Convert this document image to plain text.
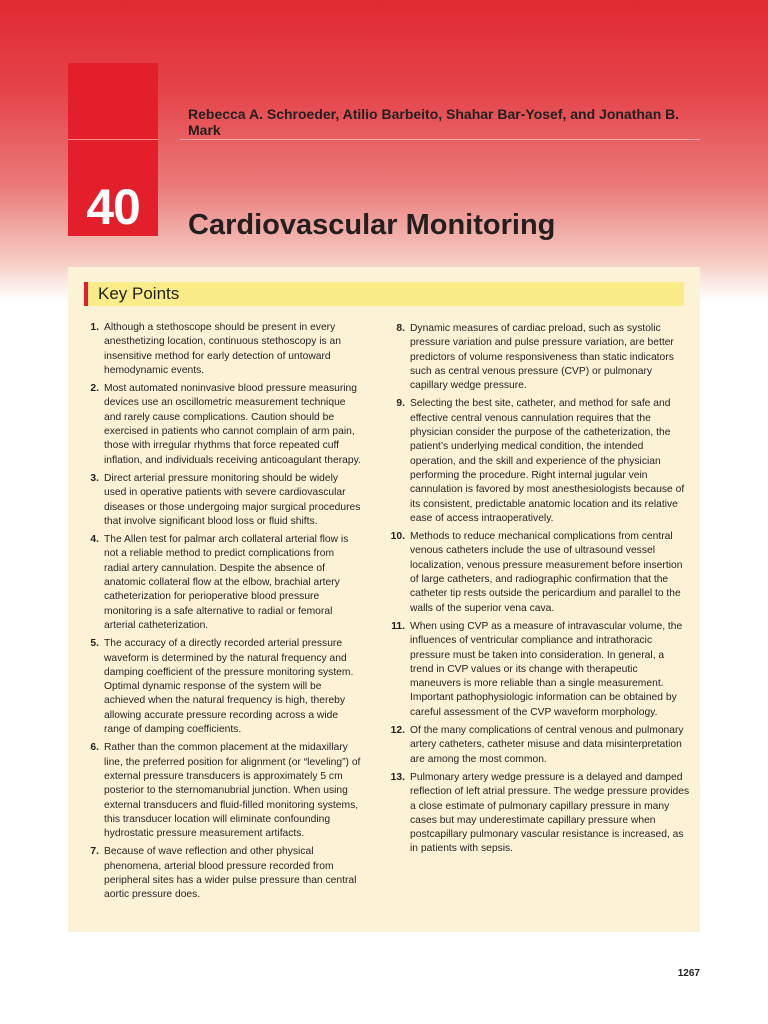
40
Rebecca A. Schroeder, Atilio Barbeito, Shahar Bar-Yosef, and Jonathan B. Mark
Cardiovascular Monitoring
Key Points
1. Although a stethoscope should be present in every anesthetizing location, continuous stethoscopy is an insensitive method for early detection of untoward hemodynamic events.
2. Most automated noninvasive blood pressure measuring devices use an oscillometric measurement technique and rarely cause complications. Caution should be exercised in patients who cannot complain of arm pain, those with irregular rhythms that force repeated cuff inflation, and individuals receiving anticoagulant therapy.
3. Direct arterial pressure monitoring should be widely used in operative patients with severe cardiovascular diseases or those undergoing major surgical procedures that involve significant blood loss or fluid shifts.
4. The Allen test for palmar arch collateral arterial flow is not a reliable method to predict complications from radial artery cannulation. Despite the absence of anatomic collateral flow at the elbow, brachial artery catheterization for perioperative blood pressure monitoring is a safe alternative to radial or femoral arterial catheterization.
5. The accuracy of a directly recorded arterial pressure waveform is determined by the natural frequency and damping coefficient of the pressure monitoring system. Optimal dynamic response of the system will be achieved when the natural frequency is high, thereby allowing accurate pressure recording across a wide range of damping coefficients.
6. Rather than the common placement at the midaxillary line, the preferred position for alignment (or “leveling”) of external pressure transducers is approximately 5 cm posterior to the sternomanubrial junction. When using external transducers and fluid-filled monitoring systems, this transducer location will eliminate confounding hydrostatic pressure measurement artifacts.
7. Because of wave reflection and other physical phenomena, arterial blood pressure recorded from peripheral sites has a wider pulse pressure than central aortic pressure does.
8. Dynamic measures of cardiac preload, such as systolic pressure variation and pulse pressure variation, are better predictors of volume responsiveness than static indicators such as central venous pressure (CVP) or pulmonary capillary wedge pressure.
9. Selecting the best site, catheter, and method for safe and effective central venous cannulation requires that the physician consider the purpose of the catheterization, the patient’s underlying medical condition, the intended operation, and the skill and experience of the physician performing the procedure. Right internal jugular vein cannulation is favored by most anesthesiologists because of its consistent, predictable anatomic location and its relative ease of access intraoperatively.
10. Methods to reduce mechanical complications from central venous catheters include the use of ultrasound vessel localization, venous pressure measurement before insertion of large catheters, and radiographic confirmation that the catheter tip rests outside the pericardium and parallel to the walls of the superior vena cava.
11. When using CVP as a measure of intravascular volume, the influences of ventricular compliance and intrathoracic pressure must be taken into consideration. In general, a trend in CVP values or its change with therapeutic maneuvers is more reliable than a single measurement. Important pathophysiologic information can be obtained by careful assessment of the CVP waveform morphology.
12. Of the many complications of central venous and pulmonary artery catheters, catheter misuse and data misinterpretation are among the most common.
13. Pulmonary artery wedge pressure is a delayed and damped reflection of left atrial pressure. The wedge pressure provides a close estimate of pulmonary capillary pressure in many cases but may underestimate capillary pressure when postcapillary pulmonary vascular resistance is increased, as in patients with sepsis.
1267
